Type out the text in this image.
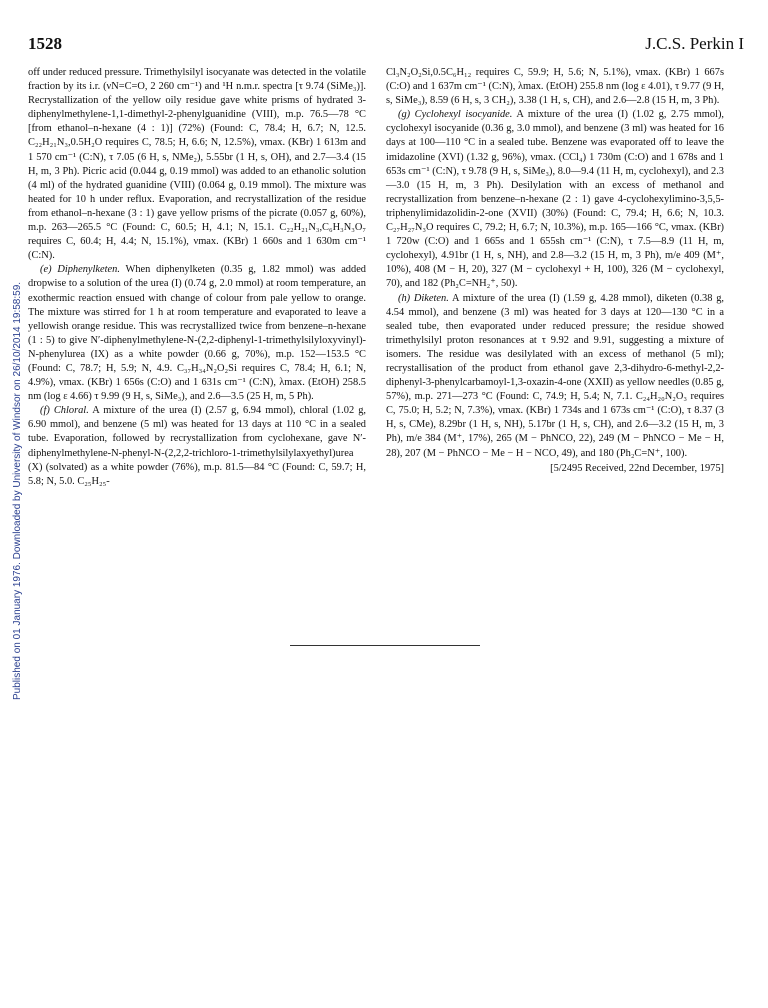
Published on 01 January 1976. Downloaded by University of Windsor on 26/10/2014 19:58:59.
1528	J.C.S. Perkin I

off under reduced pressure. Trimethylsilyl isocyanate was detected in the volatile fraction by its i.r. (νN=C=O, 2 260 cm⁻¹) and ¹H n.m.r. spectra [τ 9.74 (SiMe₃)]. Recrystallization of the yellow oily residue gave white prisms of hydrated 3-diphenylmethylene-1,1-dimethyl-2-phenylguanidine (VIII), m.p. 76.5—78 °C [from ethanol–n-hexane (4 : 1)] (72%) (Found: C, 78.4; H, 6.7; N, 12.5. C₂₂H₂₁N₃,0.5H₂O requires C, 78.5; H, 6.6; N, 12.5%), νmax. (KBr) 1 613m and 1 570 cm⁻¹ (C:N), τ 7.05 (6 H, s, NMe₂), 5.55br (1 H, s, OH), and 2.7—3.4 (15 H, m, 3 Ph). Picric acid (0.044 g, 0.19 mmol) was added to an ethanolic solution (4 ml) of the hydrated guanidine (VIII) (0.064 g, 0.19 mmol). The mixture was heated for 10 h under reflux. Evaporation, and recrystallization of the residue from ethanol–n-hexane (3 : 1) gave yellow prisms of the picrate (0.057 g, 60%), m.p. 263—265.5 °C (Found: C, 60.5; H, 4.1; N, 15.1. C₂₂H₂₁N₃,C₆H₃N₃O₇ requires C, 60.4; H, 4.4; N, 15.1%), νmax. (KBr) 1 660s and 1 630m cm⁻¹ (C:N).

(e) Diphenylketen. When diphenylketen (0.35 g, 1.82 mmol) was added dropwise to a solution of the urea (I) (0.74 g, 2.0 mmol) at room temperature, an exothermic reaction ensued with change of colour from pale yellow to orange. The mixture was stirred for 1 h at room temperature and evaporated to leave a yellowish orange residue. This was recrystallized twice from benzene–n-hexane (1 : 5) to give N′-diphenylmethylene-N-(2,2-diphenyl-1-trimethylsilyloxyvinyl)-N-phenylurea (IX) as a white powder (0.66 g, 70%), m.p. 152—153.5 °C (Found: C, 78.7; H, 5.9; N, 4.9. C₃₇H₃₄N₂O₂Si requires C, 78.4; H, 6.1; N, 4.9%), νmax. (KBr) 1 656s (C:O) and 1 631s cm⁻¹ (C:N), λmax. (EtOH) 258.5 nm (log ε 4.66) τ 9.99 (9 H, s, SiMe₃), and 2.6—3.5 (25 H, m, 5 Ph).

(f) Chloral. A mixture of the urea (I) (2.57 g, 6.94 mmol), chloral (1.02 g, 6.90 mmol), and benzene (5 ml) was heated for 13 days at 110 °C in a sealed tube. Evaporation, followed by recrystallization from cyclohexane, gave N′-diphenylmethylene-N-phenyl-N-(2,2,2-trichloro-1-trimethylsilylaxyethyl)urea (X) (solvated) as a white powder (76%), m.p. 81.5—84 °C (Found: C, 59.7; H, 5.8; N, 5.0. C₂₅H₂₅-

Cl₃N₂O₂Si,0.5C₆H₁₂ requires C, 59.9; H, 5.6; N, 5.1%), νmax. (KBr) 1 667s (C:O) and 1 637m cm⁻¹ (C:N), λmax. (EtOH) 255.8 nm (log ε 4.01), τ 9.77 (9 H, s, SiMe₃), 8.59 (6 H, s, 3 CH₂), 3.38 (1 H, s, CH), and 2.6—2.8 (15 H, m, 3 Ph).

(g) Cyclohexyl isocyanide. A mixture of the urea (I) (1.02 g, 2.75 mmol), cyclohexyl isocyanide (0.36 g, 3.0 mmol), and benzene (3 ml) was heated for 16 days at 100—110 °C in a sealed tube. Benzene was evaporated off to leave the imidazoline (XVI) (1.32 g, 96%), νmax. (CCl₄) 1 730m (C:O) and 1 678s and 1 653s cm⁻¹ (C:N), τ 9.78 (9 H, s, SiMe₃), 8.0—9.4 (11 H, m, cyclohexyl), and 2.3—3.0 (15 H, m, 3 Ph). Desilylation with an excess of methanol and recrystallization from benzene–n-hexane (2 : 1) gave 4-cyclohexylimino-3,5,5-triphenylimidazolidin-2-one (XVII) (30%) (Found: C, 79.4; H, 6.6; N, 10.3. C₂₇H₂₇N₃O requires C, 79.2; H, 6.7; N, 10.3%), m.p. 165—166 °C, νmax. (KBr) 1 720w (C:O) and 1 665s and 1 655sh cm⁻¹ (C:N), τ 7.5—8.9 (11 H, m, cyclohexyl), 4.91br (1 H, s, NH), and 2.8—3.2 (15 H, m, 3 Ph), m/e 409 (M⁺, 10%), 408 (M − H, 20), 327 (M − cyclohexyl + H, 100), 326 (M − cyclohexyl, 70), and 182 (Ph₂C=NH₂⁺, 50).

(h) Diketen. A mixture of the urea (I) (1.59 g, 4.28 mmol), diketen (0.38 g, 4.54 mmol), and benzene (3 ml) was heated for 3 days at 120—130 °C in a sealed tube, then evaporated under reduced pressure; the residue showed trimethylsilyl proton resonances at τ 9.92 and 9.91, suggesting a mixture of isomers. The residue was desilylated with an excess of methanol (5 ml); recrystallisation of the product from ethanol gave 2,3-dihydro-6-methyl-2,2-diphenyl-3-phenylcarbamoyl-1,3-oxazin-4-one (XXII) as yellow needles (0.85 g, 57%), m.p. 271—273 °C (Found: C, 74.9; H, 5.4; N, 7.1. C₂₄H₂₀N₂O₃ requires C, 75.0; H, 5.2; N, 7.3%), νmax. (KBr) 1 734s and 1 673s cm⁻¹ (C:O), τ 8.37 (3 H, s, CMe), 8.29br (1 H, s, NH), 5.17br (1 H, s, CH), and 2.6—3.2 (15 H, m, 3 Ph), m/e 384 (M⁺, 17%), 265 (M − PhNCO, 22), 249 (M − PhNCO − Me − H, 28), 207 (M − PhNCO − Me − H − NCO, 49), and 180 (Ph₂C=N⁺, 100).

[5/2495 Received, 22nd December, 1975]
